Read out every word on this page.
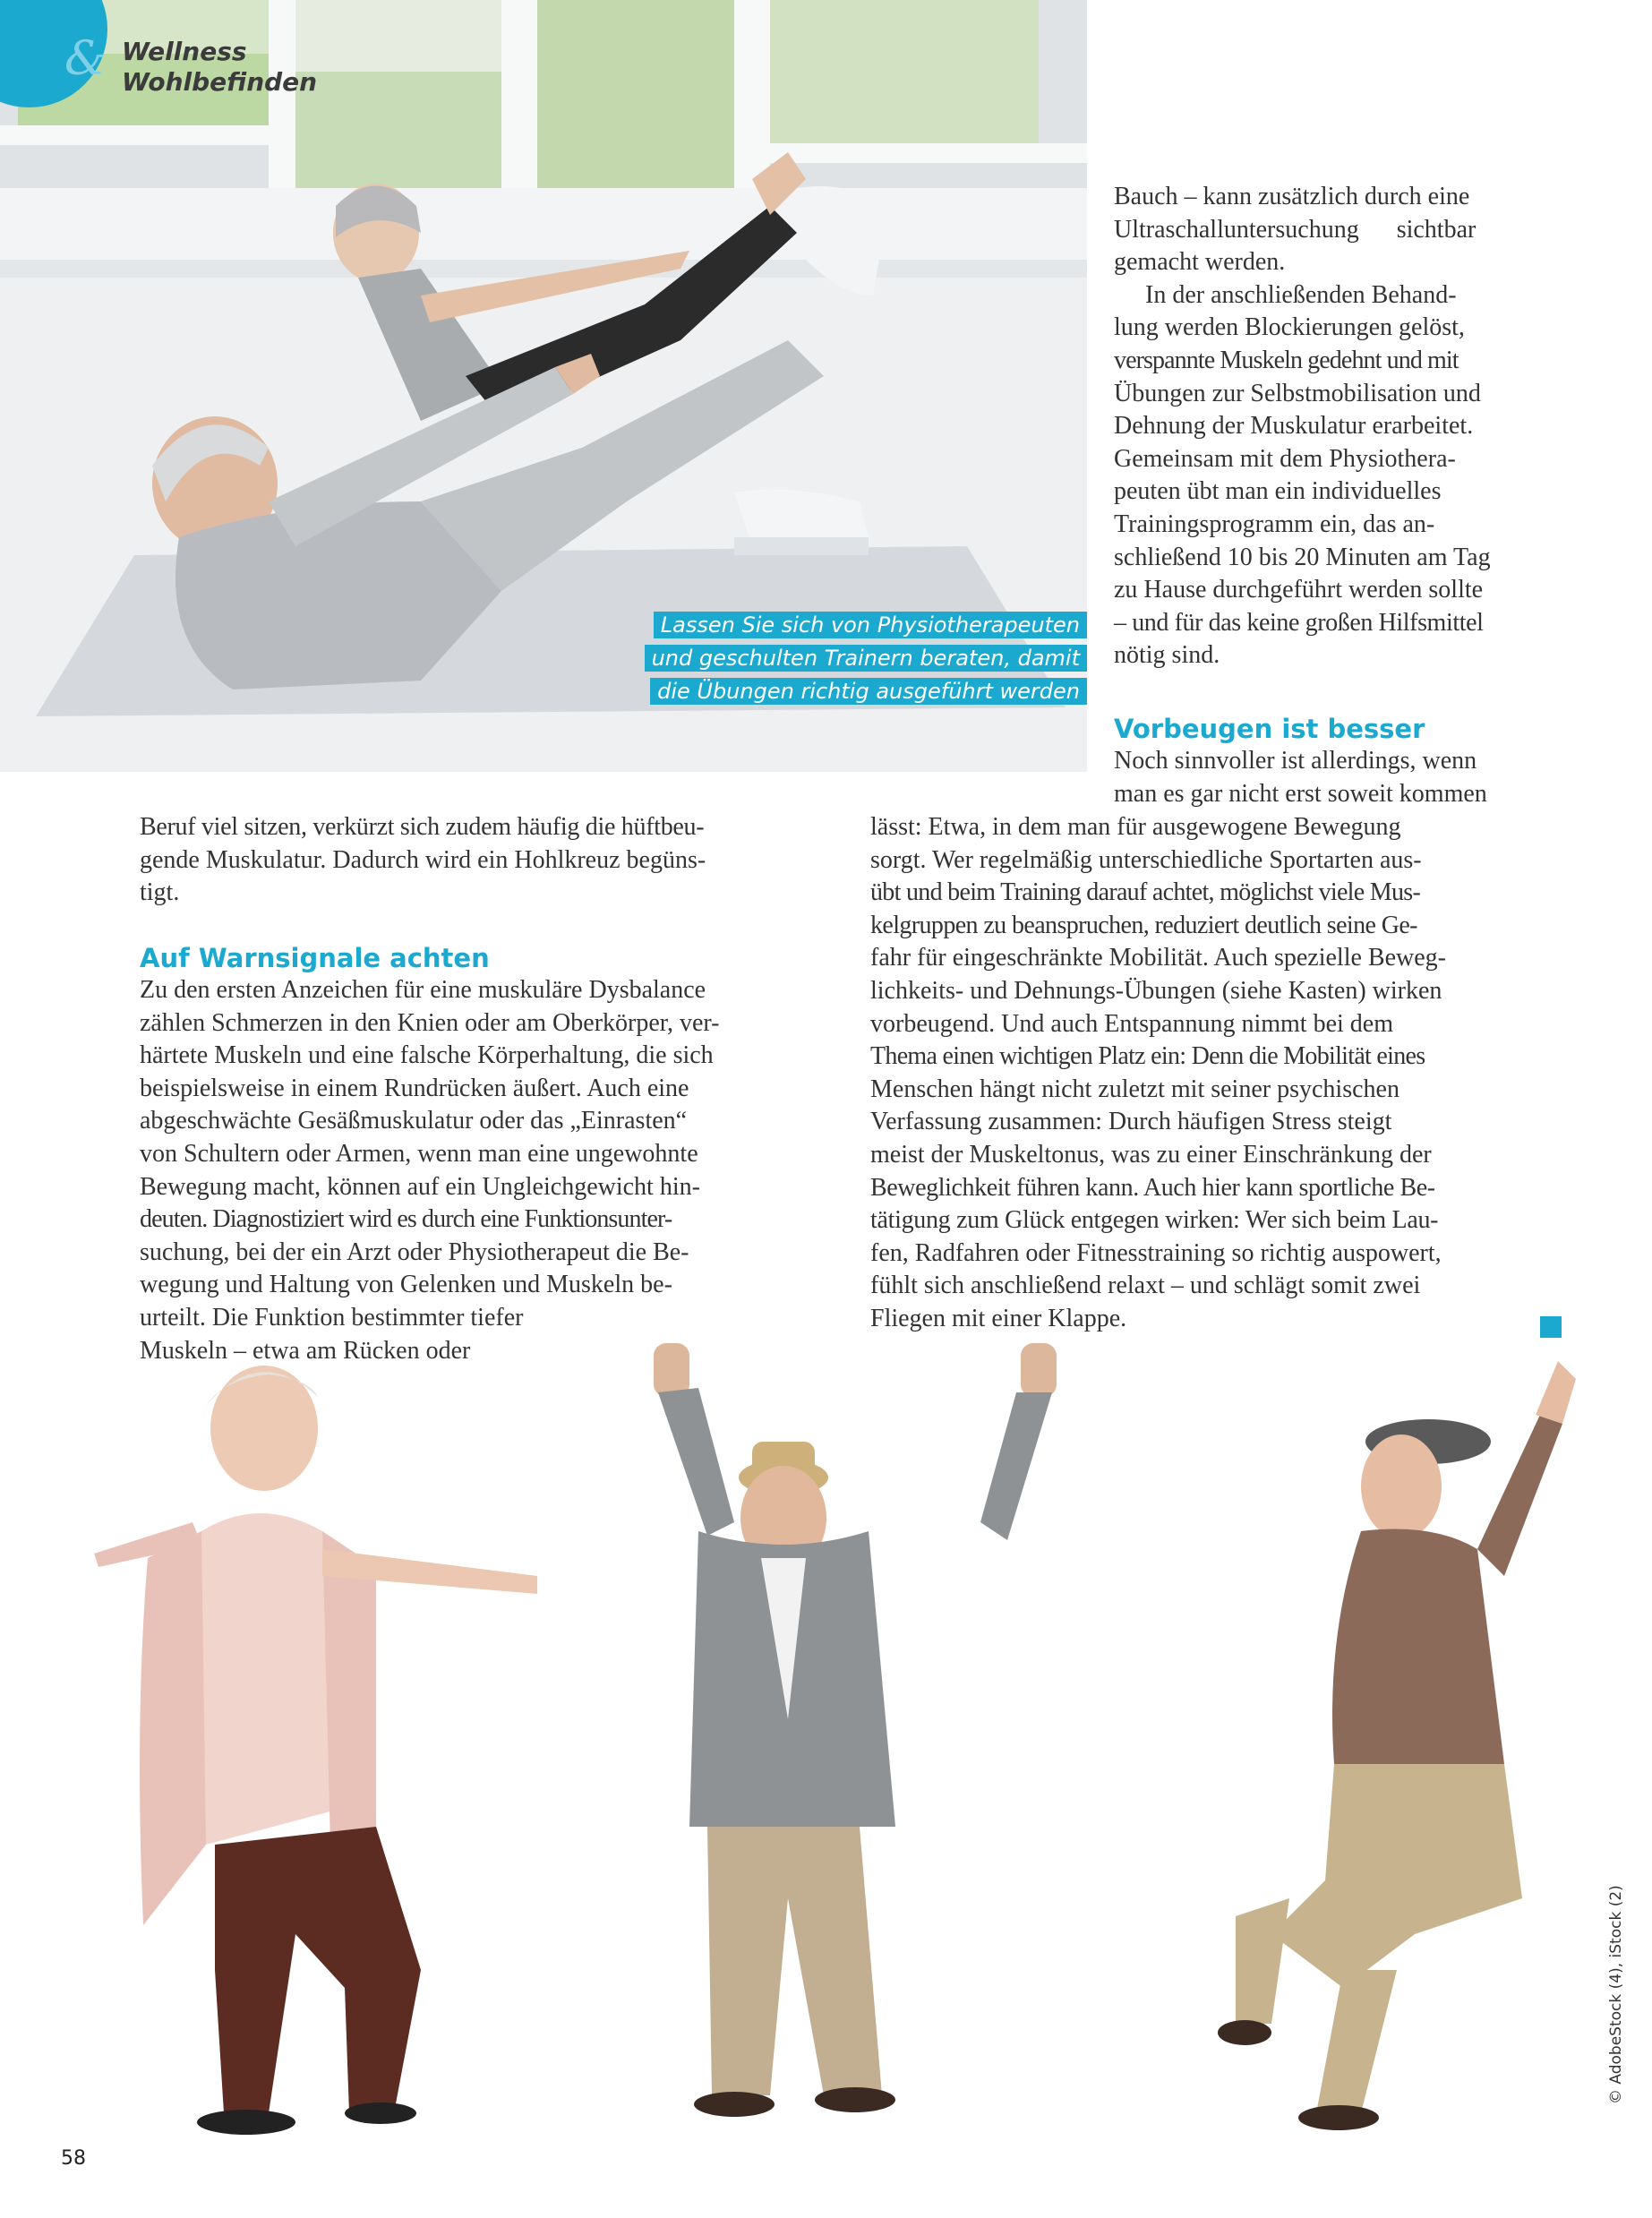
& Wellness
Wohlbefinden
Lassen Sie sich von Physiotherapeuten
und geschulten Trainern beraten, damit
die Übungen richtig ausgeführt werden
Bauch – kann zusätzlich durch eine
Ultraschalluntersuchung      sichtbar
gemacht werden.
In der anschließenden Behand-
lung werden Blockierungen gelöst,
verspannte Muskeln gedehnt und mit
Übungen zur Selbstmobilisation und
Dehnung der Muskulatur erarbeitet.
Gemeinsam mit dem Physiothera-
peuten übt man ein individuelles
Trainingsprogramm ein, das an-
schließend 10 bis 20 Minuten am Tag
zu Hause durchgeführt werden sollte
– und für das keine großen Hilfsmittel
nötig sind.
Vorbeugen ist besser
Noch sinnvoller ist allerdings, wenn
man es gar nicht erst soweit kommen
lässt: Etwa, in dem man für ausgewogene Bewegung
sorgt. Wer regelmäßig unterschiedliche Sportarten aus-
übt und beim Training darauf achtet, möglichst viele Mus-
kelgruppen zu beanspruchen, reduziert deutlich seine Ge-
fahr für eingeschränkte Mobilität. Auch spezielle Beweg-
lichkeits- und Dehnungs-Übungen (siehe Kasten) wirken
vorbeugend. Und auch Entspannung nimmt bei dem
Thema einen wichtigen Platz ein: Denn die Mobilität eines
Menschen hängt nicht zuletzt mit seiner psychischen
Verfassung zusammen: Durch häufigen Stress steigt
meist der Muskeltonus, was zu einer Einschränkung der
Beweglichkeit führen kann. Auch hier kann sportliche Be-
tätigung zum Glück entgegen wirken: Wer sich beim Lau-
fen, Radfahren oder Fitnesstraining so richtig auspowert,
fühlt sich anschließend relaxt – und schlägt somit zwei
Fliegen mit einer Klappe.
Beruf viel sitzen, verkürzt sich zudem häufig die hüftbeu-
gende Muskulatur. Dadurch wird ein Hohlkreuz begüns-
tigt.
Auf Warnsignale achten
Zu den ersten Anzeichen für eine muskuläre Dysbalance
zählen Schmerzen in den Knien oder am Oberkörper, ver-
härtete Muskeln und eine falsche Körperhaltung, die sich
beispielsweise in einem Rundrücken äußert. Auch eine
abgeschwächte Gesäßmuskulatur oder das „Einrasten“
von Schultern oder Armen, wenn man eine ungewohnte
Bewegung macht, können auf ein Ungleichgewicht hin-
deuten. Diagnostiziert wird es durch eine Funktionsunter-
suchung, bei der ein Arzt oder Physiotherapeut die Be-
wegung und Haltung von Gelenken und Muskeln be-
urteilt. Die Funktion bestimmter tiefer
Muskeln – etwa am Rücken oder
© AdobeStock (4), iStock (2)
58
